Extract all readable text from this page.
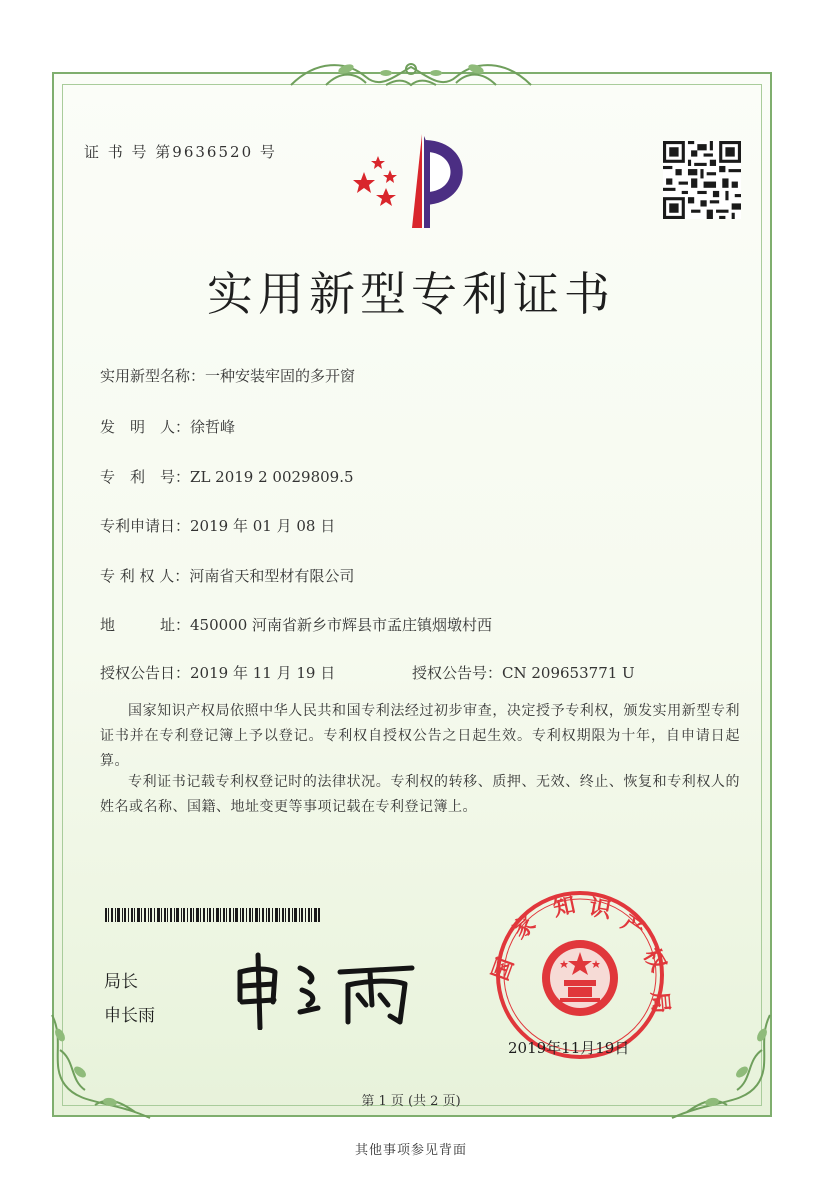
证 书 号 第9636520 号
实用新型专利证书
实用新型名称：一种安装牢固的多开窗
发　明　人：徐哲峰
专　利　号：ZL 2019 2 0029809.5
专利申请日：2019 年 01 月 08 日
专 利 权 人：河南省天和型材有限公司
地　　　址：450000 河南省新乡市辉县市孟庄镇烟墩村西
授权公告日：2019 年 11 月 19 日	授权公告号：CN 209653771 U
国家知识产权局依照中华人民共和国专利法经过初步审查，决定授予专利权，颁发实用新型专利证书并在专利登记簿上予以登记。专利权自授权公告之日起生效。专利权期限为十年，自申请日起算。
专利证书记载专利权登记时的法律状况。专利权的转移、质押、无效、终止、恢复和专利权人的姓名或名称、国籍、地址变更等事项记载在专利登记簿上。
局长
申长雨
国
家
知 识
产
权
局
2019年11月19日
第 1 页 (共 2 页)
其他事项参见背面
